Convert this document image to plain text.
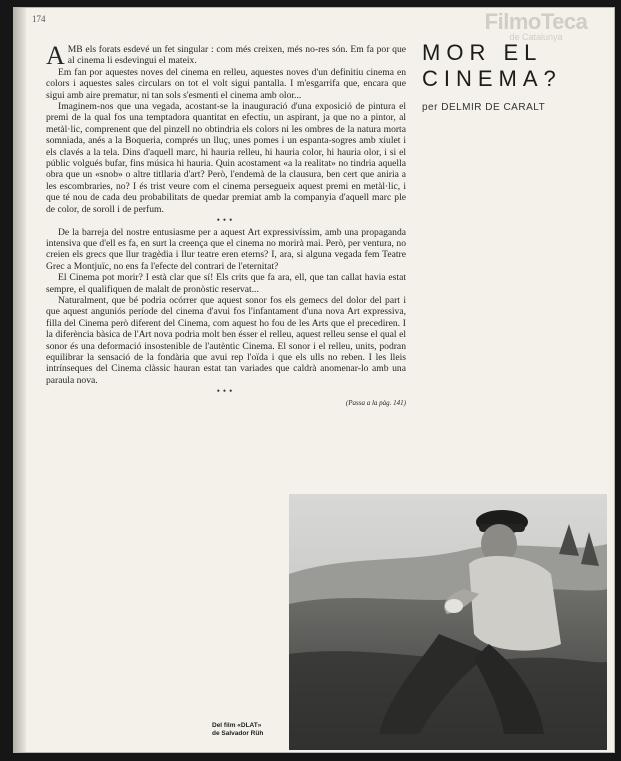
174	FilmoTeca
de Catalunya
MOR EL
CINEMA?
per DELMIR DE CARALT

AMB els forats esdevé un fet singular : com més creixen, més no-res són. Em fa por que al cinema li esdevingui el mateix.

Em fan por aquestes noves del cinema en relleu, aquestes noves d'un definitiu cinema en colors i aquestes sales circulars on tot el volt sigui pantalla. I m'esgarrifa que, encara que sigui amb aire prematur, ni tan sols s'esmenti el cinema amb olor...

Imaginem-nos que una vegada, acostant-se la inauguració d'una exposició de pintura el premi de la qual fos una temptadora quantitat en efectiu, un aspirant, ja que no a pintor, al metàl·lic, comprenent que del pinzell no obtindria els colors ni les ombres de la natura morta somniada, anés a la Boqueria, comprés un lluç, unes pomes i un espanta-sogres amb xiulet i els clavés a la tela. Dins d'aquell marc, hi hauria relleu, hi hauria color, hi hauria olor, i si el públic volgués bufar, fins música hi hauria. Quin acostament «a la realitat» no tindria aquella obra que un «snob» o altre titllaria d'art? Però, l'endemà de la clausura, ben cert que aniria a les escombraries, no? I és trist veure com el cinema persegueix aquest premi en metàl·lic, i que té nou de cada deu probabilitats de quedar premiat amb la companyia d'aquell marc ple de color, de soroll i de perfum.

•••

De la barreja del nostre entusiasme per a aquest Art expressivíssim, amb una propaganda intensiva que d'ell es fa, en surt la creença que el cinema no morirà mai. Però, per ventura, no creien els grecs que llur tragèdia i llur teatre eren eterns? I, ara, si alguna vegada fem Teatre Grec a Montjuïc, no ens fa l'efecte del contrari de l'eternitat?

El Cinema pot morir? I està clar que sí! Els crits que fa ara, ell, que tan callat havia estat sempre, el qualifiquen de malalt de pronòstic reservat...

Naturalment, que bé podria ocórrer que aquest sonor fos els gemecs del dolor del part i que aquest anguniós període del cinema d'avui fos l'infantament d'una nova Art expressiva, filla del Cinema però diferent del Cinema, com aquest ho fou de les Arts que el precediren. I la diferència bàsica de l'Art nova podria molt ben ésser el relleu, aquest relleu sense el qual el sonor és una deformació insostenible de l'autèntic Cinema. El sonor i el relleu, units, podran equilibrar la sensació de la fondària que avui rep l'oïda i que els ulls no reben. I les lleis intrínseques del Cinema clàssic hauran estat tan variades que caldrà anomenar-lo amb una paraula nova.

•••

(Passa a la pàg. 141)

Del film «DLAT»
de Salvador Rüh
